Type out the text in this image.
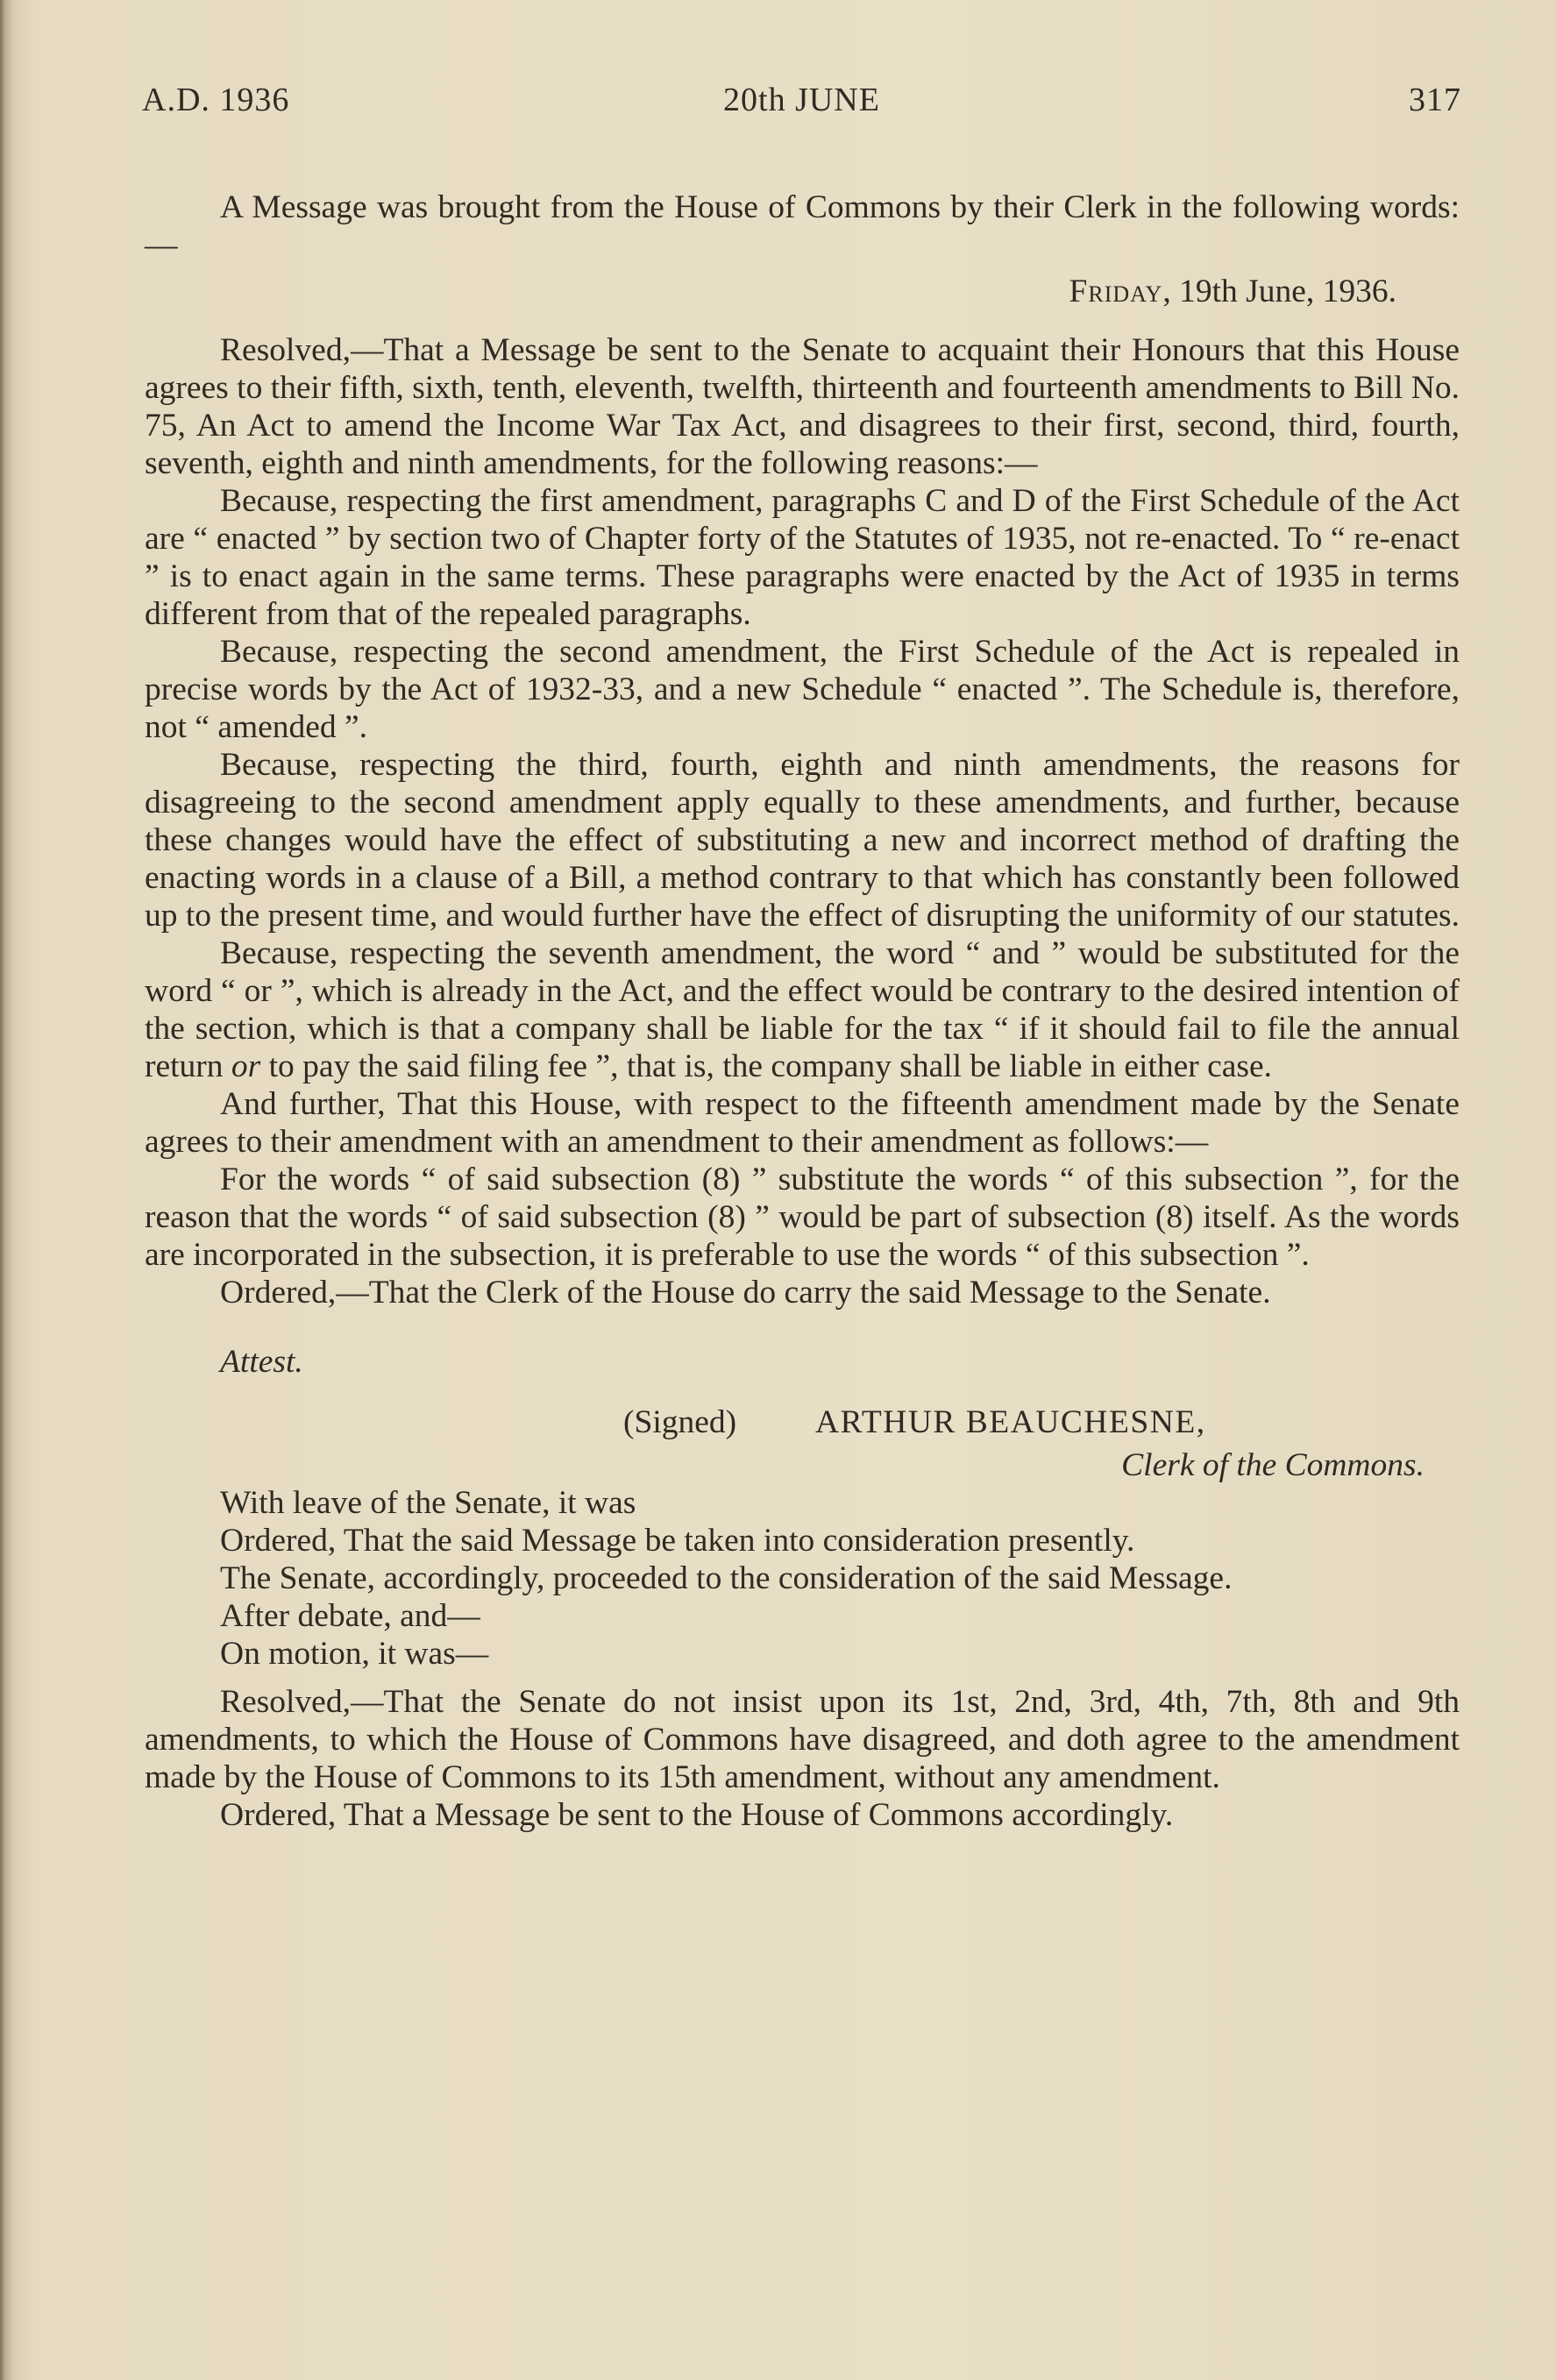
A.D. 1936	20th JUNE	317

A Message was brought from the House of Commons by their Clerk in the following words:—

Friday, 19th June, 1936.

Resolved,—That a Message be sent to the Senate to acquaint their Honours that this House agrees to their fifth, sixth, tenth, eleventh, twelfth, thirteenth and fourteenth amendments to Bill No. 75, An Act to amend the Income War Tax Act, and disagrees to their first, second, third, fourth, seventh, eighth and ninth amendments, for the following reasons:—

Because, respecting the first amendment, paragraphs C and D of the First Schedule of the Act are “ enacted ” by section two of Chapter forty of the Statutes of 1935, not re-enacted. To “ re-enact ” is to enact again in the same terms. These paragraphs were enacted by the Act of 1935 in terms different from that of the repealed paragraphs.

Because, respecting the second amendment, the First Schedule of the Act is repealed in precise words by the Act of 1932-33, and a new Schedule “ enacted ”. The Schedule is, therefore, not “ amended ”.

Because, respecting the third, fourth, eighth and ninth amendments, the reasons for disagreeing to the second amendment apply equally to these amendments, and further, because these changes would have the effect of substituting a new and incorrect method of drafting the enacting words in a clause of a Bill, a method contrary to that which has constantly been followed up to the present time, and would further have the effect of disrupting the uniformity of our statutes.

Because, respecting the seventh amendment, the word “ and ” would be substituted for the word “ or ”, which is already in the Act, and the effect would be contrary to the desired intention of the section, which is that a company shall be liable for the tax “ if it should fail to file the annual return or to pay the said filing fee ”, that is, the company shall be liable in either case.

And further, That this House, with respect to the fifteenth amendment made by the Senate agrees to their amendment with an amendment to their amendment as follows:—

For the words “ of said subsection (8) ” substitute the words “ of this subsection ”, for the reason that the words “ of said subsection (8) ” would be part of subsection (8) itself. As the words are incorporated in the subsection, it is preferable to use the words “ of this subsection ”.

Ordered,—That the Clerk of the House do carry the said Message to the Senate.

Attest.
(Signed) ARTHUR BEAUCHESNE,
Clerk of the Commons.

With leave of the Senate, it was

Ordered, That the said Message be taken into consideration presently.

The Senate, accordingly, proceeded to the consideration of the said Message.

After debate, and—

On motion, it was—

Resolved,—That the Senate do not insist upon its 1st, 2nd, 3rd, 4th, 7th, 8th and 9th amendments, to which the House of Commons have disagreed, and doth agree to the amendment made by the House of Commons to its 15th amendment, without any amendment.

Ordered, That a Message be sent to the House of Commons accordingly.
